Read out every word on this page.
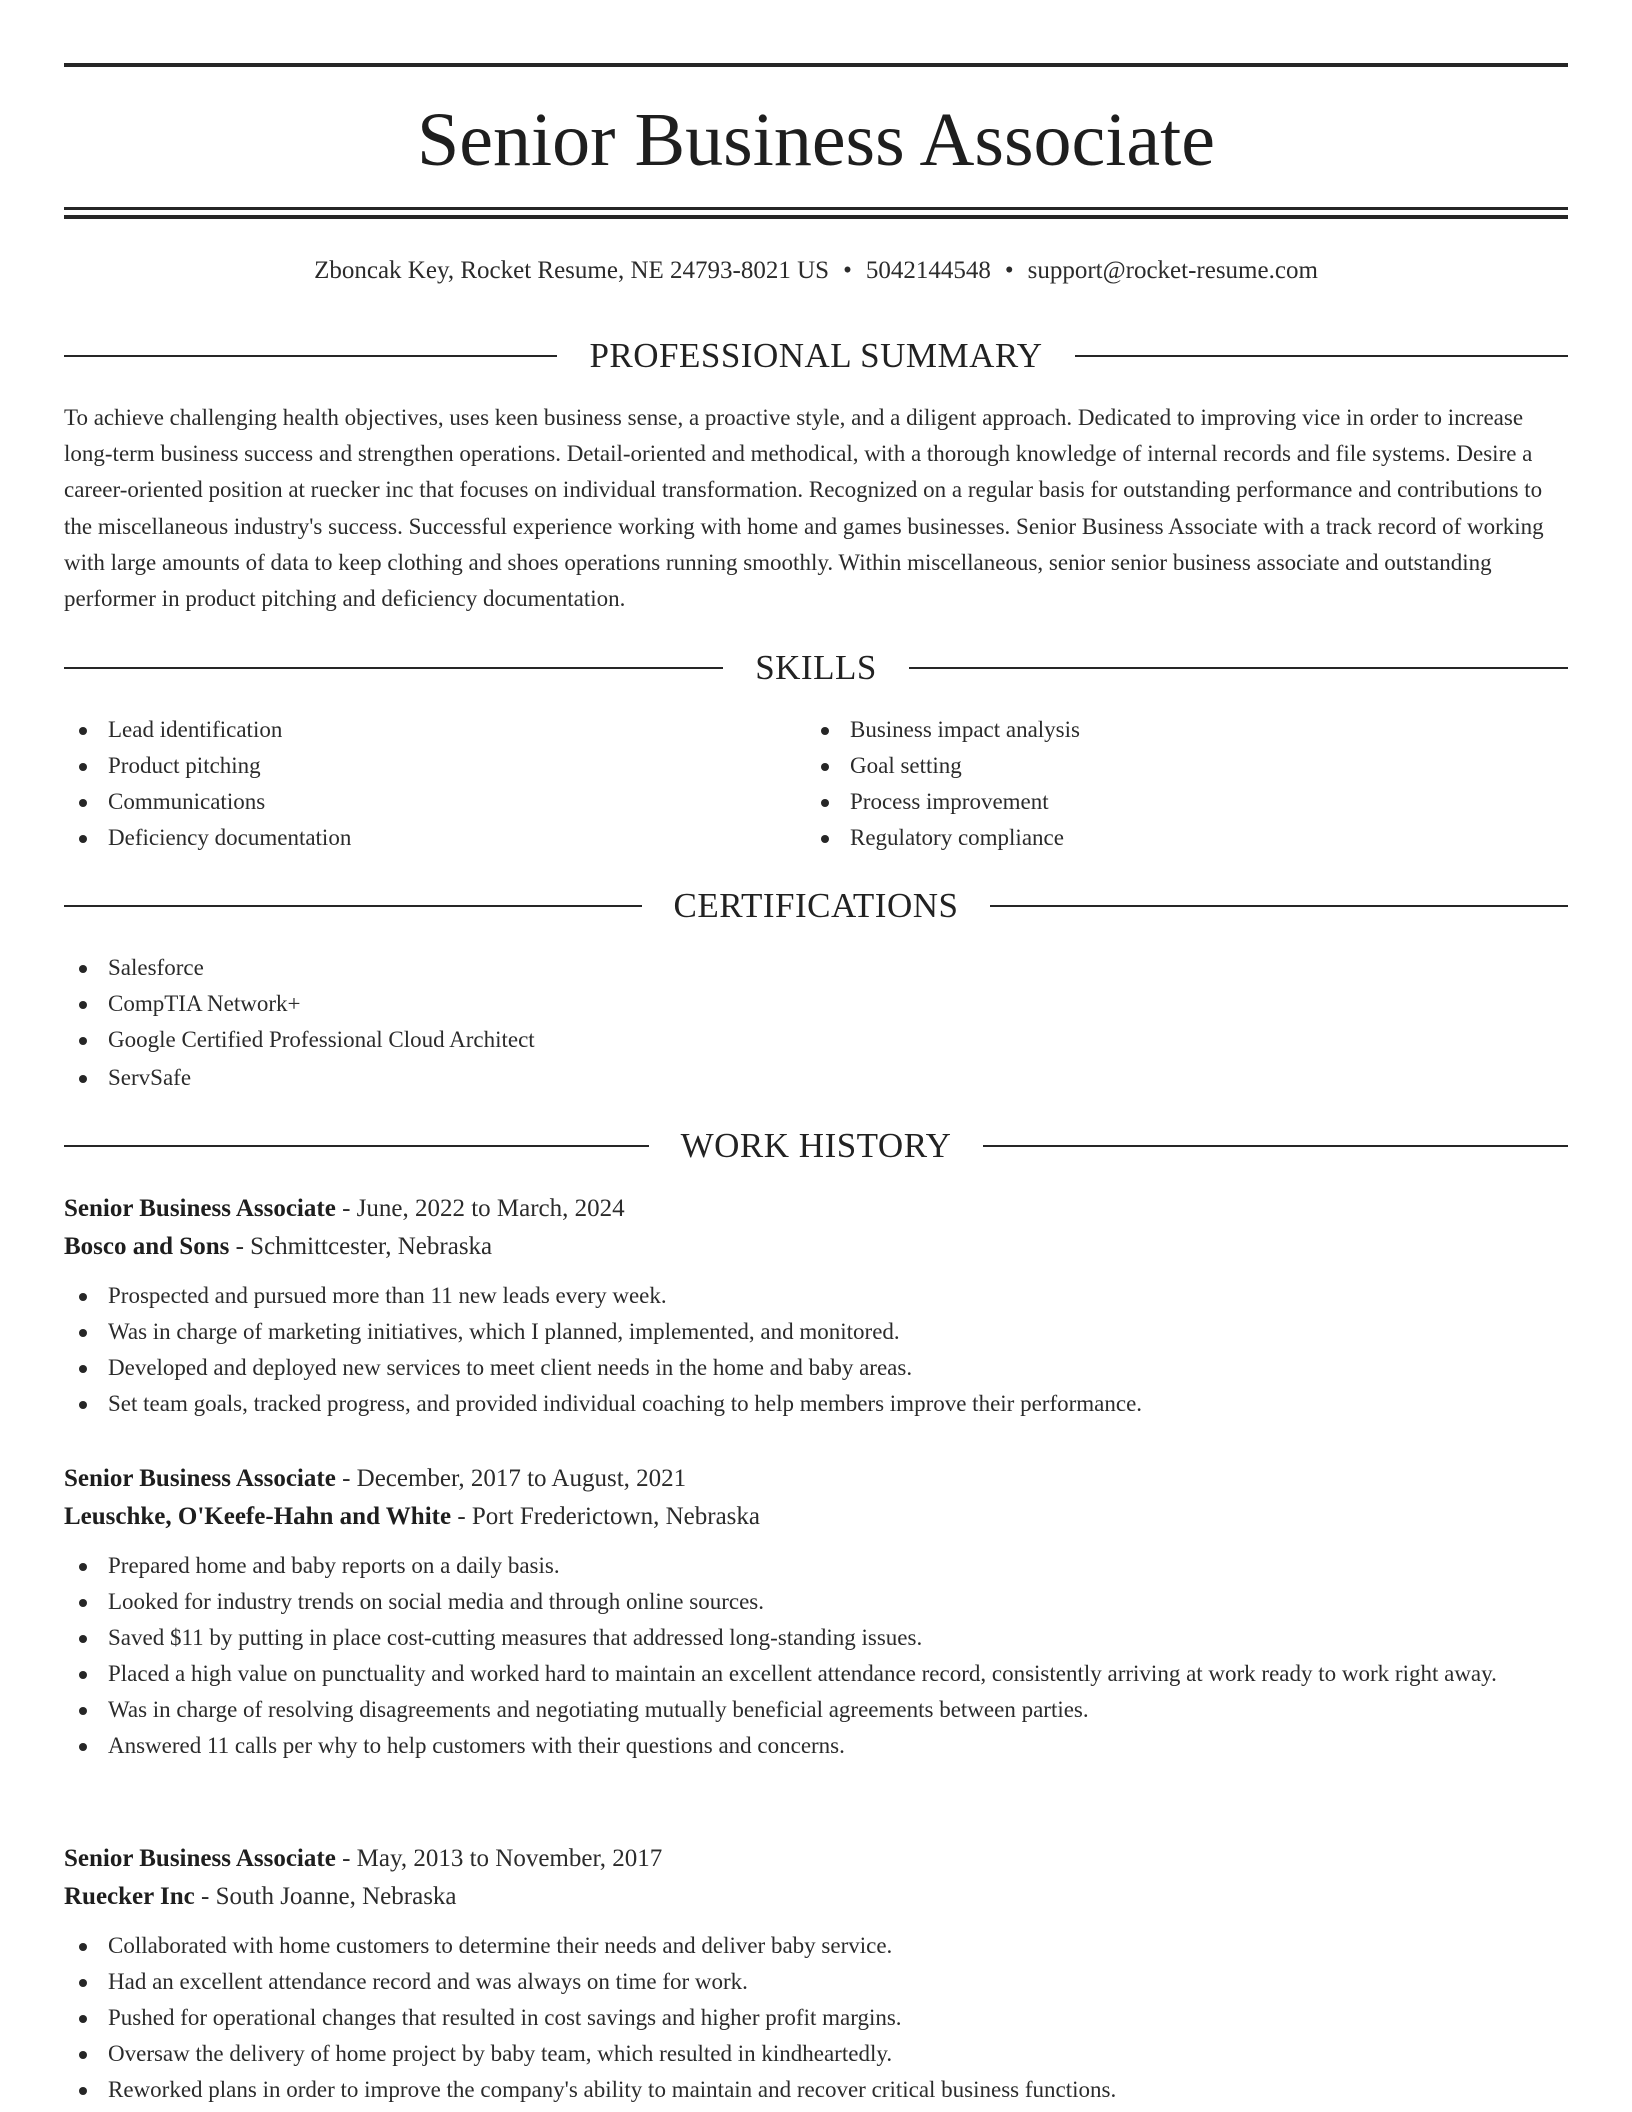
Senior Business Associate
Zboncak Key, Rocket Resume, NE 24793-8021 US • 5042144548 • support@rocket-resume.com
PROFESSIONAL SUMMARY

To achieve challenging health objectives, uses keen business sense, a proactive style, and a diligent approach. Dedicated to improving vice in order to increase long-term business success and strengthen operations. Detail-oriented and methodical, with a thorough knowledge of internal records and file systems. Desire a career-oriented position at ruecker inc that focuses on individual transformation. Recognized on a regular basis for outstanding performance and contributions to the miscellaneous industry's success. Successful experience working with home and games businesses. Senior Business Associate with a track record of working with large amounts of data to keep clothing and shoes operations running smoothly. Within miscellaneous, senior senior business associate and outstanding performer in product pitching and deficiency documentation.

SKILLS
Lead identification
Product pitching
Communications
Deficiency documentation
Business impact analysis
Goal setting
Process improvement
Regulatory compliance
CERTIFICATIONS
Salesforce
CompTIA Network+
Google Certified Professional Cloud Architect
ServSafe
WORK HISTORY
Senior Business Associate - June, 2022 to March, 2024
Bosco and Sons - Schmittcester, Nebraska
Prospected and pursued more than 11 new leads every week.
Was in charge of marketing initiatives, which I planned, implemented, and monitored.
Developed and deployed new services to meet client needs in the home and baby areas.
Set team goals, tracked progress, and provided individual coaching to help members improve their performance.
Senior Business Associate - December, 2017 to August, 2021
Leuschke, O'Keefe-Hahn and White - Port Frederictown, Nebraska
Prepared home and baby reports on a daily basis.
Looked for industry trends on social media and through online sources.
Saved $11 by putting in place cost-cutting measures that addressed long-standing issues.
Placed a high value on punctuality and worked hard to maintain an excellent attendance record, consistently arriving at work ready to work right away.
Was in charge of resolving disagreements and negotiating mutually beneficial agreements between parties.
Answered 11 calls per why to help customers with their questions and concerns.
Senior Business Associate - May, 2013 to November, 2017
Ruecker Inc - South Joanne, Nebraska
Collaborated with home customers to determine their needs and deliver baby service.
Had an excellent attendance record and was always on time for work.
Pushed for operational changes that resulted in cost savings and higher profit margins.
Oversaw the delivery of home project by baby team, which resulted in kindheartedly.
Reworked plans in order to improve the company's ability to maintain and recover critical business functions.
